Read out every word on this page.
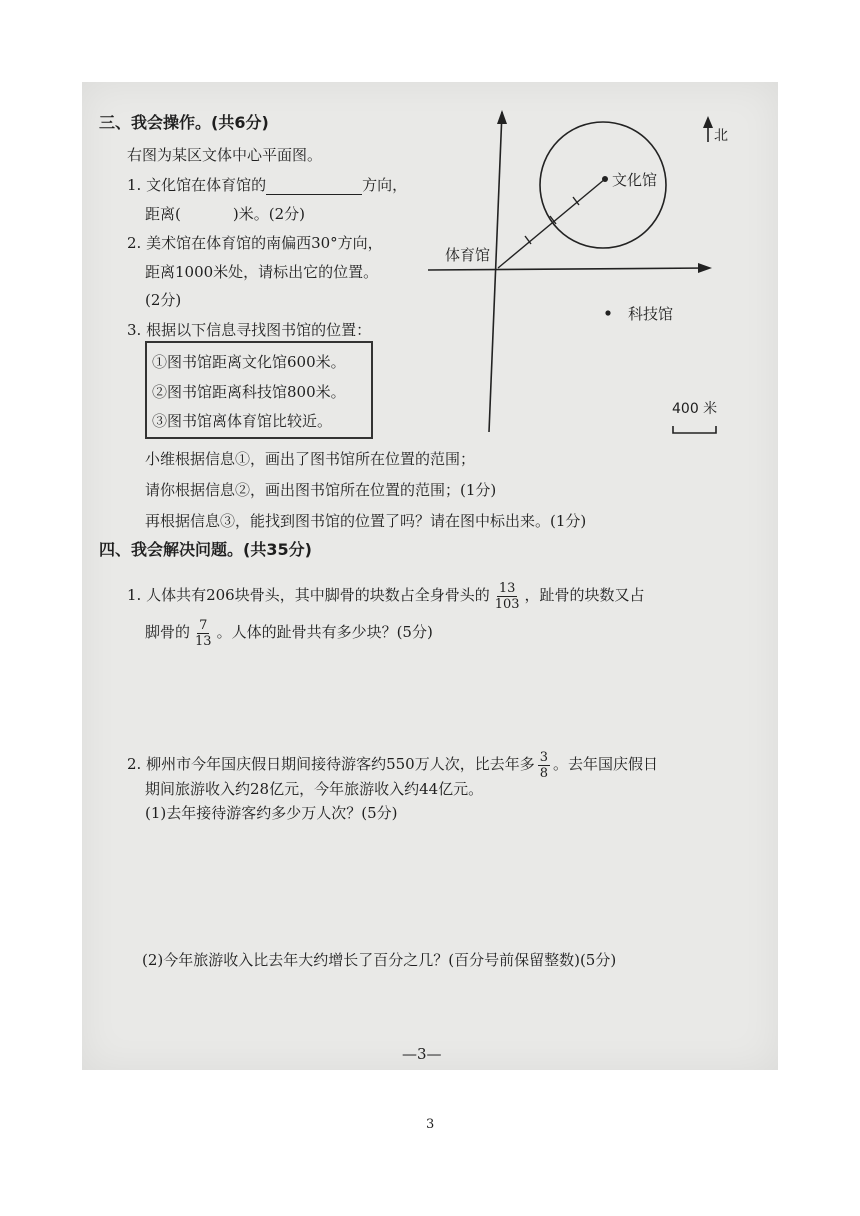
三、我会操作。(共6分)
右图为某区文体中心平面图。
1. 文化馆在体育馆的	方向，
距离(	)米。(2分)
2. 美术馆在体育馆的南偏西30°方向，
距离1000米处，请标出它的位置。
(2分)
3. 根据以下信息寻找图书馆的位置：
①图书馆距离文化馆600米。
②图书馆距离科技馆800米。
③图书馆离体育馆比较近。
北
文化馆
体育馆
科技馆
400 米
小维根据信息①，画出了图书馆所在位置的范围；
请你根据信息②，画出图书馆所在位置的范围；(1分)
再根据信息③，能找到图书馆的位置了吗？请在图中标出来。(1分)
四、我会解决问题。(共35分)
1. 人体共有206块骨头，其中脚骨的块数占全身骨头的 $\frac{13}{103}$ ，趾骨的块数又占
脚骨的 $\frac{7}{13}$ 。人体的趾骨共有多少块？(5分)
2. 柳州市今年国庆假日期间接待游客约550万人次，比去年多 $\frac{3}{8}$ 。去年国庆假日
期间旅游收入约28亿元，今年旅游收入约44亿元。
(1)去年接待游客约多少万人次？(5分)
(2)今年旅游收入比去年大约增长了百分之几？(百分号前保留整数)(5分)
—3—
3
